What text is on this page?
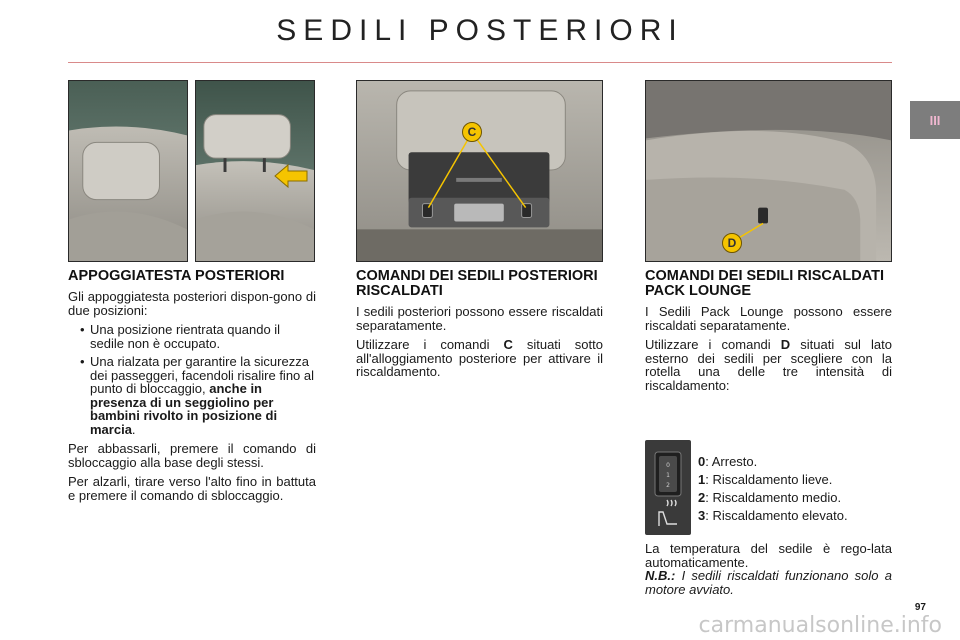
SEDILI POSTERIORI
III
C
D
APPOGGIATESTA POSTERIORI

Gli appoggiatesta posteriori dispon-gono di due posizioni:

• Una posizione rientrata quando il sedile non è occupato.
• Una rialzata per garantire la sicurezza dei passeggeri, facendoli risalire fino al punto di bloccaggio, anche in presenza di un seggiolino per bambini rivolto in posizione di marcia.

Per abbassarli, premere il comando di sbloccaggio alla base degli stessi.

Per alzarli, tirare verso l'alto fino in battuta e premere il comando di sbloccaggio.

COMANDI DEI SEDILI POSTERIORI RISCALDATI

I sedili posteriori possono essere riscaldati separatamente.

Utilizzare i comandi C situati sotto all'alloggiamento posteriore per attivare il riscaldamento.

COMANDI DEI SEDILI RISCALDATI PACK LOUNGE

I Sedili Pack Lounge possono essere riscaldati separatamente.

Utilizzare i comandi D situati sul lato esterno dei sedili per scegliere con la rotella una delle tre intensità di riscaldamento:

0
1
2
0: Arresto.
1: Riscaldamento lieve.
2: Riscaldamento medio.
3: Riscaldamento elevato.
La temperatura del sedile è rego-lata automaticamente.
N.B.: I sedili riscaldati funzionano solo a motore avviato.
97
carmanualsonline.info
